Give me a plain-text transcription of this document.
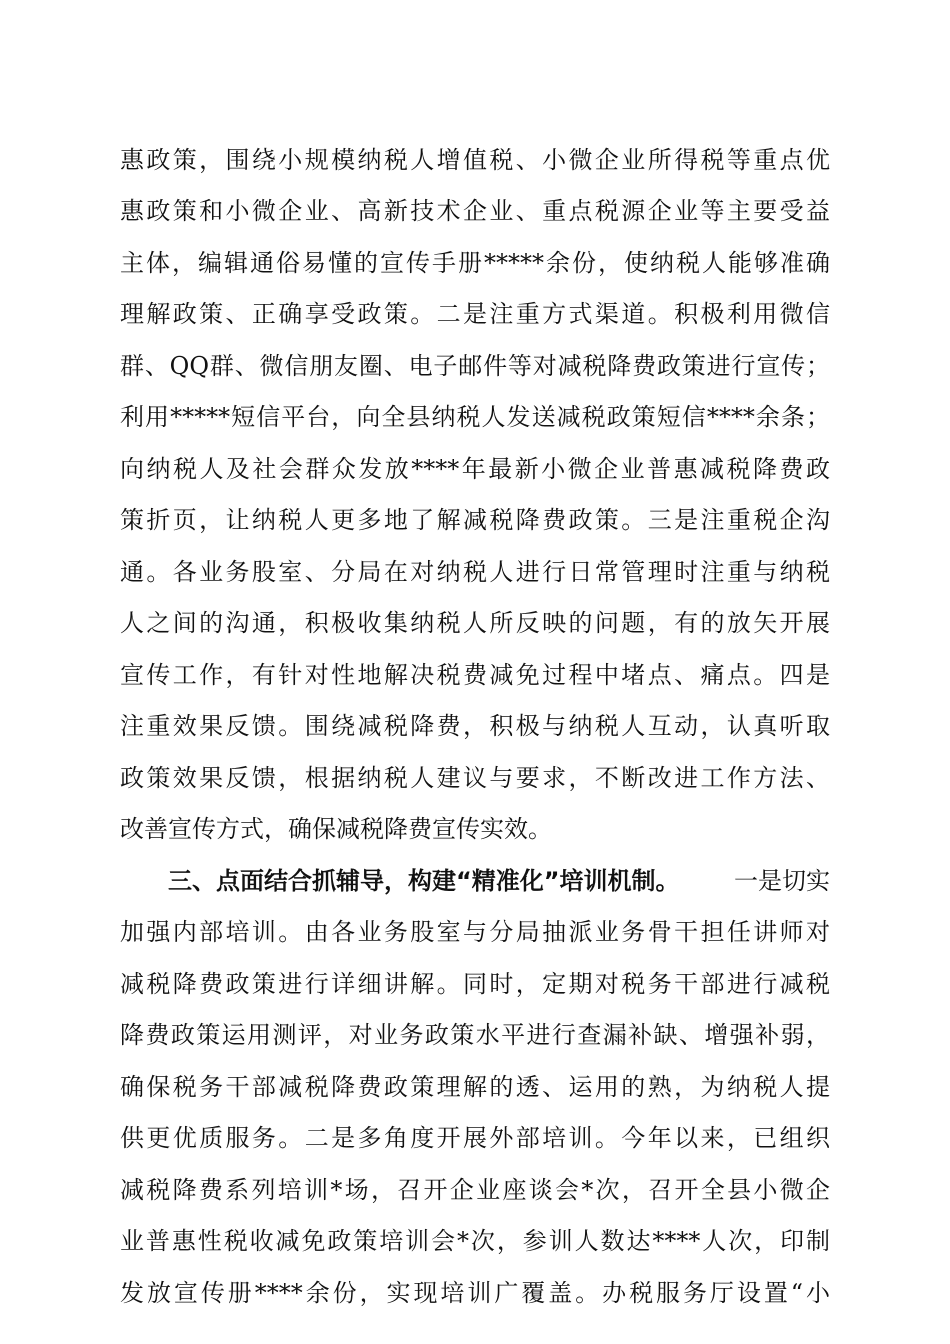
惠政策，围绕小规模纳税人增值税、小微企业所得税等重点优
惠政策和小微企业、高新技术企业、重点税源企业等主要受益
主体，编辑通俗易懂的宣传手册*****余份，使纳税人能够准确
理解政策、正确享受政策。二是注重方式渠道。积极利用微信
群、QQ群、微信朋友圈、电子邮件等对减税降费政策进行宣传；
利用*****短信平台，向全县纳税人发送减税政策短信****余条；
向纳税人及社会群众发放****年最新小微企业普惠减税降费政
策折页，让纳税人更多地了解减税降费政策。三是注重税企沟
通。各业务股室、分局在对纳税人进行日常管理时注重与纳税
人之间的沟通，积极收集纳税人所反映的问题，有的放矢开展
宣传工作，有针对性地解决税费减免过程中堵点、痛点。四是
注重效果反馈。围绕减税降费，积极与纳税人互动，认真听取
政策效果反馈，根据纳税人建议与要求，不断改进工作方法、
改善宣传方式，确保减税降费宣传实效。
三、点面结合抓辅导，构建“精准化”培训机制。 一是切实
加强内部培训。由各业务股室与分局抽派业务骨干担任讲师对
减税降费政策进行详细讲解。同时，定期对税务干部进行减税
降费政策运用测评，对业务政策水平进行查漏补缺、增强补弱，
确保税务干部减税降费政策理解的透、运用的熟，为纳税人提
供更优质服务。二是多角度开展外部培训。今年以来，已组织
减税降费系列培训*场，召开企业座谈会*次，召开全县小微企
业普惠性税收减免政策培训会*次，参训人数达****人次，印制
发放宣传册****余份，实现培训广覆盖。办税服务厅设置“小
